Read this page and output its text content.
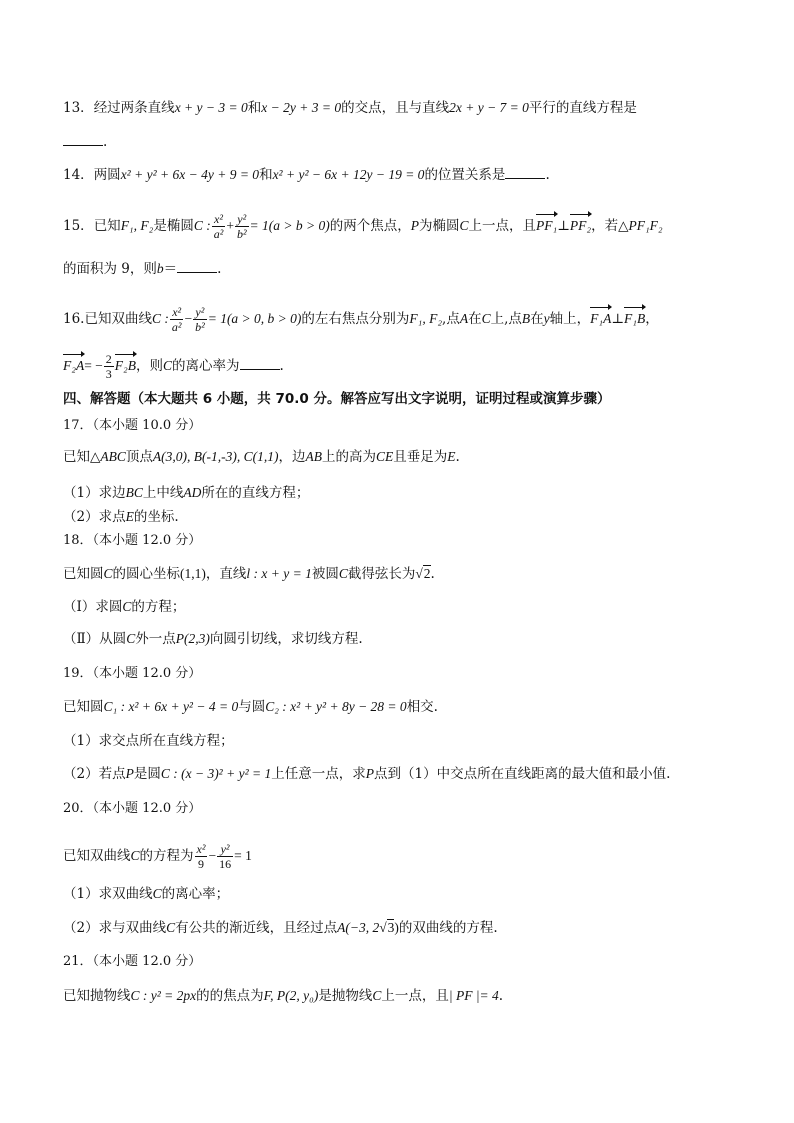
13．经过两条直线x + y − 3 = 0和x − 2y + 3 = 0的交点，且与直线2x + y − 7 = 0平行的直线方程是
.
14．两圆x² + y² + 6x − 4y + 9 = 0和x² + y² − 6x + 12y − 19 = 0的位置关系是	.
15．已知F₁, F₂是椭圆C : $\frac{\text{x²}}{\text{a²}} + \frac{\text{y²}}{\text{b²}} = 1(a > b > 0)$的两个焦点，P为椭圆C上一点，且PF₁⊥PF₂，若△PF₁F₂
的面积为 9，则b＝	.
16.已知双曲线C : $\frac{\text{x²}}{\text{a²}} - \frac{\text{y²}}{\text{b²}} = 1(a > 0$, b > 0)的左右焦点分别为F₁, F₂,点A在C上,点B在y轴上，F₁A⊥F₁B，
$F_2A= - \frac{2}{3} F_2B$，则C的离心率为	.
四、解答题（本大题共 6 小题，共 70.0 分。解答应写出文字说明，证明过程或演算步骤）
17．（本小题 10.0 分）
已知△ABC顶点A(3,0), B(-1,-3), C(1,1)，边AB上的高为CE且垂足为E.
（1）求边BC上中线AD所在的直线方程；
（2）求点E的坐标.
18．（本小题 12.0 分）
已知圆C的圆心坐标(1,1)，直线l : x + y = 1被圆C截得弦长为√2.
（Ⅰ）求圆C的方程；
（Ⅱ）从圆C外一点P(2,3)向圆引切线，求切线方程.
19．（本小题 12.0 分）
已知圆C₁ : x² + 6x + y² − 4 = 0与圆C₂ : x² + y² + 8y − 28 = 0相交.
（1）求交点所在直线方程；
（2）若点P是圆C : (x − 3)² + y² = 1上任意一点，求P点到（1）中交点所在直线距离的最大值和最小值.
20．（本小题 12.0 分）
已知双曲线C的方程为 $\frac{\text{x²}}{9} - \frac{\text{y²}}{16} = 1$
（1）求双曲线C的离心率；
（2）求与双曲线C有公共的渐近线，且经过点A(−3, 2√3)的双曲线的方程.
21．（本小题 12.0 分）
已知抛物线C : y² = 2px的的焦点为F, P(2, y₀)是抛物线C上一点，且| PF |= 4.
